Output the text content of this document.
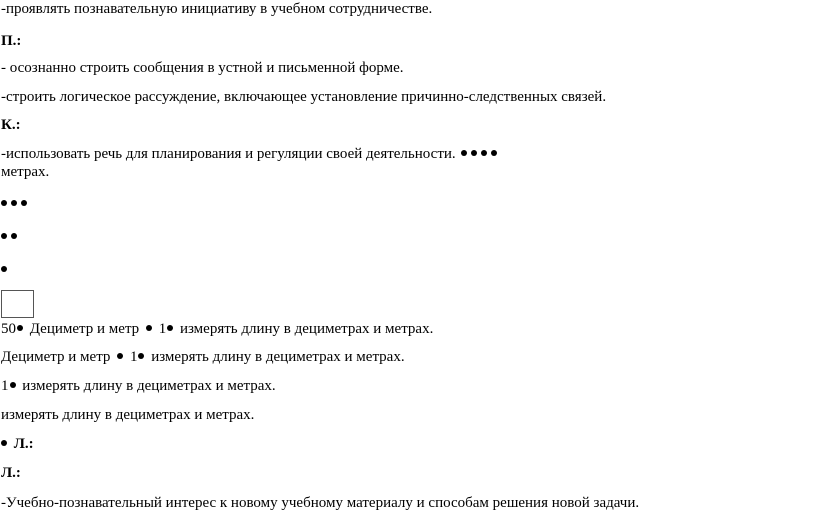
-проявлять познавательную инициативу в учебном сотрудничестве.
П.:
- осознанно строить сообщения в устной и письменной форме.
-строить логическое рассуждение, включающее установление причинно-следственных связей.
К.:
-использовать речь для планирования и регуляции своей деятельности.
метрах.
50 Дециметр и метр 1 измерять длину в дециметрах и метрах.
Дециметр и метр 1 измерять длину в дециметрах и метрах.
1 измерять длину в дециметрах и метрах.
измерять длину в дециметрах и метрах.
Л.:
Л.:
-Учебно-познавательный интерес к новому учебному материалу и способам решения новой задачи.
